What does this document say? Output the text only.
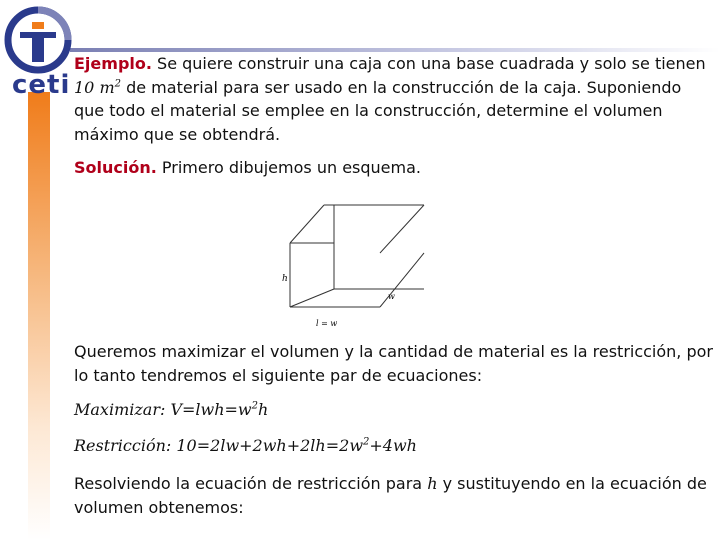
ceti

Ejemplo. Se quiere construir una caja con una base cuadrada y solo se tienen 10 $m^2$ de material para ser usado en la construcción de la caja. Suponiendo que todo el material se emplee en la construcción, determine el volumen máximo que se obtendrá.

Solución. Primero dibujemos un esquema.

h
w
l = w

Queremos maximizar el volumen y la cantidad de material es la restricción, por lo tanto tendremos el siguiente par de ecuaciones:

Maximizar: $V=lwh=w^2h$
Restricción: $10=2lw+2wh+2lh=2w^2+4wh$

Resolviendo la ecuación de restricción para h y sustituyendo en la ecuación de volumen obtenemos:
